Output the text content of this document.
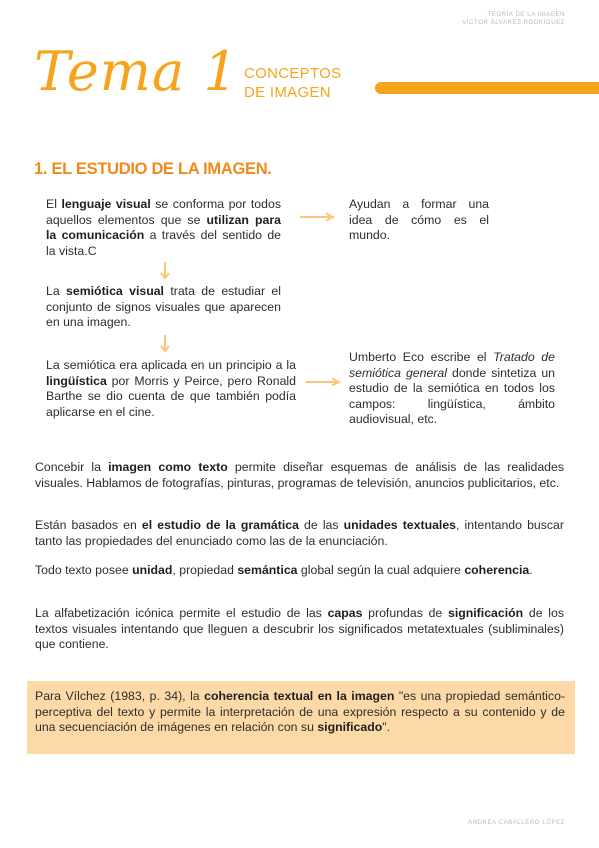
TEORÍA DE LA IMAGEN
VICTOR ÁLVAREZ RODRÍGUEZ
Tema 1 CONCEPTOS
DE IMAGEN
1. EL ESTUDIO DE LA IMAGEN.
El lenguaje visual se conforma por todos aquellos elementos que se utilizan para la comunicación a través del sentido de la vista.C
Ayudan a formar una idea de cómo es el mundo.
La semiótica visual trata de estudiar el conjunto de signos visuales que aparecen en una imagen.
La semiótica era aplicada en un principio a la lingüística por Morris y Peirce, pero Ronald Barthe se dio cuenta de que también podía aplicarse en el cine.
Umberto Eco escribe el Tratado de semiótica general donde sintetiza un estudio de la semiótica en todos los campos: lingüística, ámbito audiovisual, etc.
Concebir la imagen como texto permite diseñar esquemas de análisis de las realidades visuales. Hablamos de fotografías, pinturas, programas de televisión, anuncios publicitarios, etc.
Están basados en el estudio de la gramática de las unidades textuales, intentando buscar tanto las propiedades del enunciado como las de la enunciación.
Todo texto posee unidad, propiedad semántica global según la cual adquiere coherencia.
La alfabetización icónica permite el estudio de las capas profundas de significación de los textos visuales intentando que lleguen a descubrir los significados metatextuales (subliminales) que contiene.
Para Vílchez (1983, p. 34), la coherencia textual en la imagen "es una propiedad semántico-perceptiva del texto y permite la interpretación de una expresión respecto a su contenido y de una secuenciación de imágenes en relación con su significado".
ANDREA CABALLERO LÓPEZ
